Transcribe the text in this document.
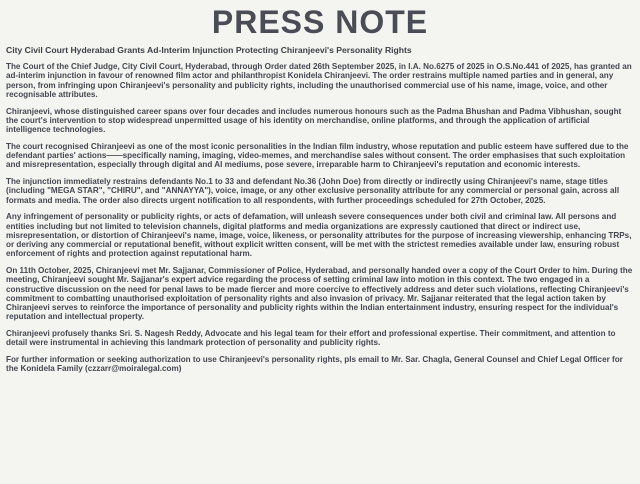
PRESS NOTE
City Civil Court Hyderabad Grants Ad-Interim Injunction Protecting Chiranjeevi's Personality Rights

The Court of the Chief Judge, City Civil Court, Hyderabad, through Order dated 26th September 2025, in I.A. No.6275 of 2025 in O.S.No.441 of 2025, has granted an ad-interim injunction in favour of renowned film actor and philanthropist Konidela Chiranjeevi. The order restrains multiple named parties and in general, any person, from infringing upon Chiranjeevi's personality and publicity rights, including the unauthorised commercial use of his name, image, voice, and other recognisable attributes.

Chiranjeevi, whose distinguished career spans over four decades and includes numerous honours such as the Padma Bhushan and Padma Vibhushan, sought the court's intervention to stop widespread unpermitted usage of his identity on merchandise, online platforms, and through the application of artificial intelligence technologies.

The court recognised Chiranjeevi as one of the most iconic personalities in the Indian film industry, whose reputation and public esteem have suffered due to the defendant parties' actions——specifically naming, imaging, video-memes, and merchandise sales without consent. The order emphasises that such exploitation and misrepresentation, especially through digital and AI mediums, pose severe, irreparable harm to Chiranjeevi's reputation and economic interests.

The injunction immediately restrains defendants No.1 to 33 and defendant No.36 (John Doe) from directly or indirectly using Chiranjeevi's name, stage titles (including "MEGA STAR", "CHIRU", and "ANNAYYA"), voice, image, or any other exclusive personality attribute for any commercial or personal gain, across all formats and media. The order also directs urgent notification to all respondents, with further proceedings scheduled for 27th October, 2025.

Any infringement of personality or publicity rights, or acts of defamation, will unleash severe consequences under both civil and criminal law. All persons and entities including but not limited to television channels, digital platforms and media organizations are expressly cautioned that direct or indirect use, misrepresentation, or distortion of Chiranjeevi's name, image, voice, likeness, or personality attributes for the purpose of increasing viewership, enhancing TRPs, or deriving any commercial or reputational benefit, without explicit written consent, will be met with the strictest remedies available under law, ensuring robust enforcement of rights and protection against reputational harm.

On 11th October, 2025, Chiranjeevi met Mr. Sajjanar, Commissioner of Police, Hyderabad, and personally handed over a copy of the Court Order to him. During the meeting, Chiranjeevi sought Mr. Sajjanar's expert advice regarding the process of setting criminal law into motion in this context. The two engaged in a constructive discussion on the need for penal laws to be made fiercer and more coercive to effectively address and deter such violations, reflecting Chiranjeevi's commitment to combatting unauthorised exploitation of personality rights and also invasion of privacy. Mr. Sajjanar reiterated that the legal action taken by Chiranjeevi serves to reinforce the importance of personality and publicity rights within the Indian entertainment industry, ensuring respect for the individual's reputation and intellectual property.

Chiranjeevi profusely thanks Sri. S. Nagesh Reddy, Advocate and his legal team for their effort and professional expertise. Their commitment, and attention to detail were instrumental in achieving this landmark protection of personality and publicity rights.

For further information or seeking authorization to use Chiranjeevi's personality rights, pls email to Mr. Sar. Chagla, General Counsel and Chief Legal Officer for the Konidela Family (czzarr@moiralegal.com)
